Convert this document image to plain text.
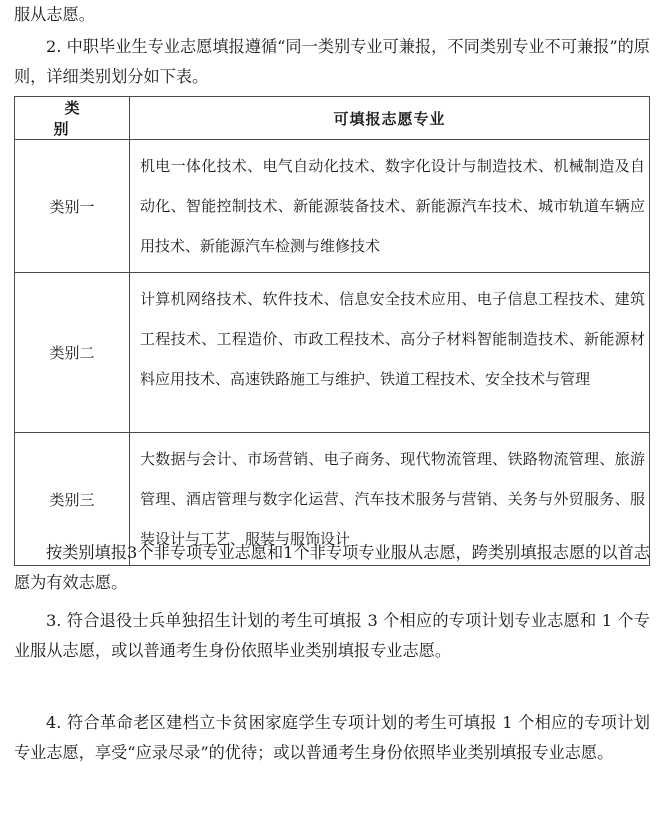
服从志愿。

2. 中职毕业生专业志愿填报遵循“同一类别专业可兼报，不同类别专业不可兼报”的原则，详细类别划分如下表。

类 别	可填报志愿专业
类别一	机电一体化技术、电气自动化技术、数字化设计与制造技术、机械制造及自动化、智能控制技术、新能源装备技术、新能源汽车技术、城市轨道车辆应用技术、新能源汽车检测与维修技术
类别二	计算机网络技术、软件技术、信息安全技术应用、电子信息工程技术、建筑工程技术、工程造价、市政工程技术、高分子材料智能制造技术、新能源材料应用技术、高速铁路施工与维护、铁道工程技术、安全技术与管理
类别三	大数据与会计、市场营销、电子商务、现代物流管理、铁路物流管理、旅游管理、酒店管理与数字化运营、汽车技术服务与营销、关务与外贸服务、服装设计与工艺、服装与服饰设计

按类别填报3个非专项专业志愿和1个非专项专业服从志愿，跨类别填报志愿的以首志愿为有效志愿。

3. 符合退役士兵单独招生计划的考生可填报 3 个相应的专项计划专业志愿和 1 个专业服从志愿，或以普通考生身份依照毕业类别填报专业志愿。

4. 符合革命老区建档立卡贫困家庭学生专项计划的考生可填报 1 个相应的专项计划专业志愿，享受“应录尽录”的优待；或以普通考生身份依照毕业类别填报专业志愿。
